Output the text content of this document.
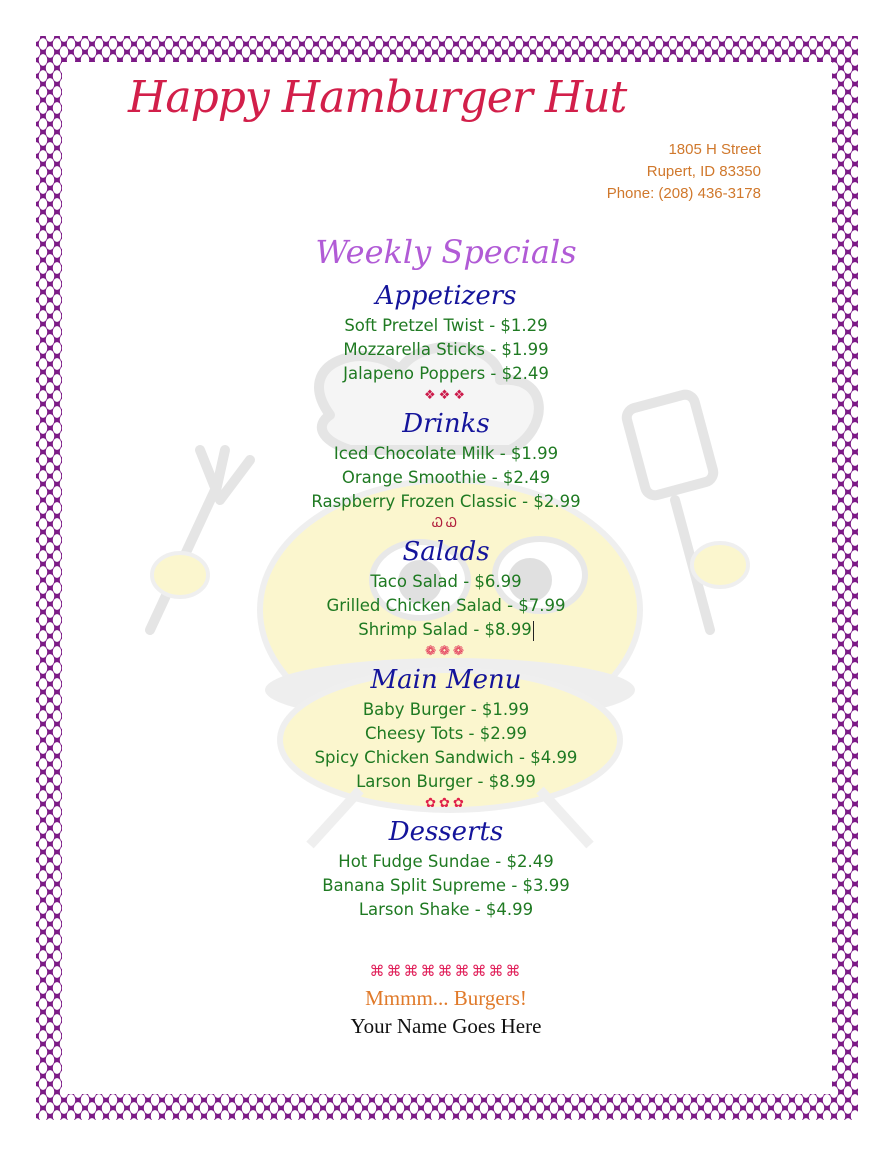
Happy Hamburger Hut
1805 H Street
Rupert, ID 83350
Phone: (208) 436-3178
Weekly Specials
Appetizers
Soft Pretzel Twist - $1.29
Mozzarella Sticks - $1.99
Jalapeno Poppers - $2.49
❖❖❖
Drinks
Iced Chocolate Milk - $1.99
Orange Smoothie - $2.49
Raspberry Frozen Classic - $2.99
ᏇᏇ
Salads
Taco Salad - $6.99
Grilled Chicken Salad - $7.99
Shrimp Salad - $8.99
❁❁❁
Main Menu
Baby Burger - $1.99
Cheesy Tots - $2.99
Spicy Chicken Sandwich - $4.99
Larson Burger - $8.99
✿✿✿
Desserts
Hot Fudge Sundae - $2.49
Banana Split Supreme - $3.99
Larson Shake - $4.99
⌘⌘⌘⌘⌘⌘⌘⌘⌘
Mmmm... Burgers!
Your Name Goes Here
